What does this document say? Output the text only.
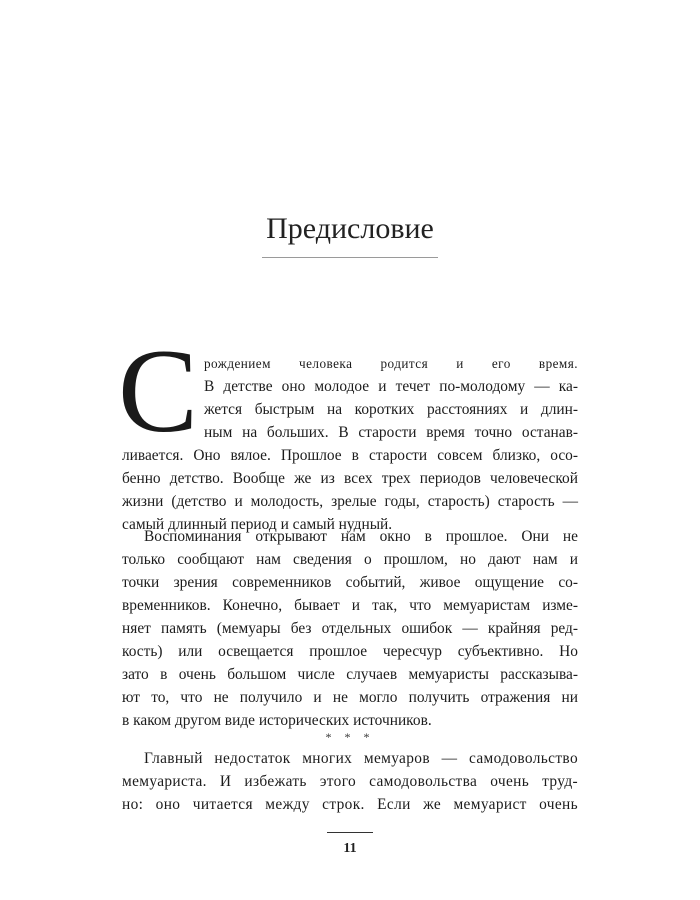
Предисловие
С рождением человека родится и его время.
В детстве оно молодое и течет по-молодому — ка-
жется быстрым на коротких расстояниях и длин-
ным на больших. В старости время точно останав-
ливается. Оно вялое. Прошлое в старости совсем близко, осо-
бенно детство. Вообще же из всех трех периодов человеческой
жизни (детство и молодость, зрелые годы, старость) старость —
самый длинный период и самый нудный.
Воспоминания открывают нам окно в прошлое. Они не
только сообщают нам сведения о прошлом, но дают нам и
точки зрения современников событий, живое ощущение со-
временников. Конечно, бывает и так, что мемуаристам изме-
няет память (мемуары без отдельных ошибок — крайняя ред-
кость) или освещается прошлое чересчур субъективно. Но
зато в очень большом числе случаев мемуаристы рассказыва-
ют то, что не получило и не могло получить отражения ни
в каком другом виде исторических источников.
* * *
Главный недостаток многих мемуаров — самодовольство
мемуариста. И избежать этого самодовольства очень труд-
но: оно читается между строк. Если же мемуарист очень
11
